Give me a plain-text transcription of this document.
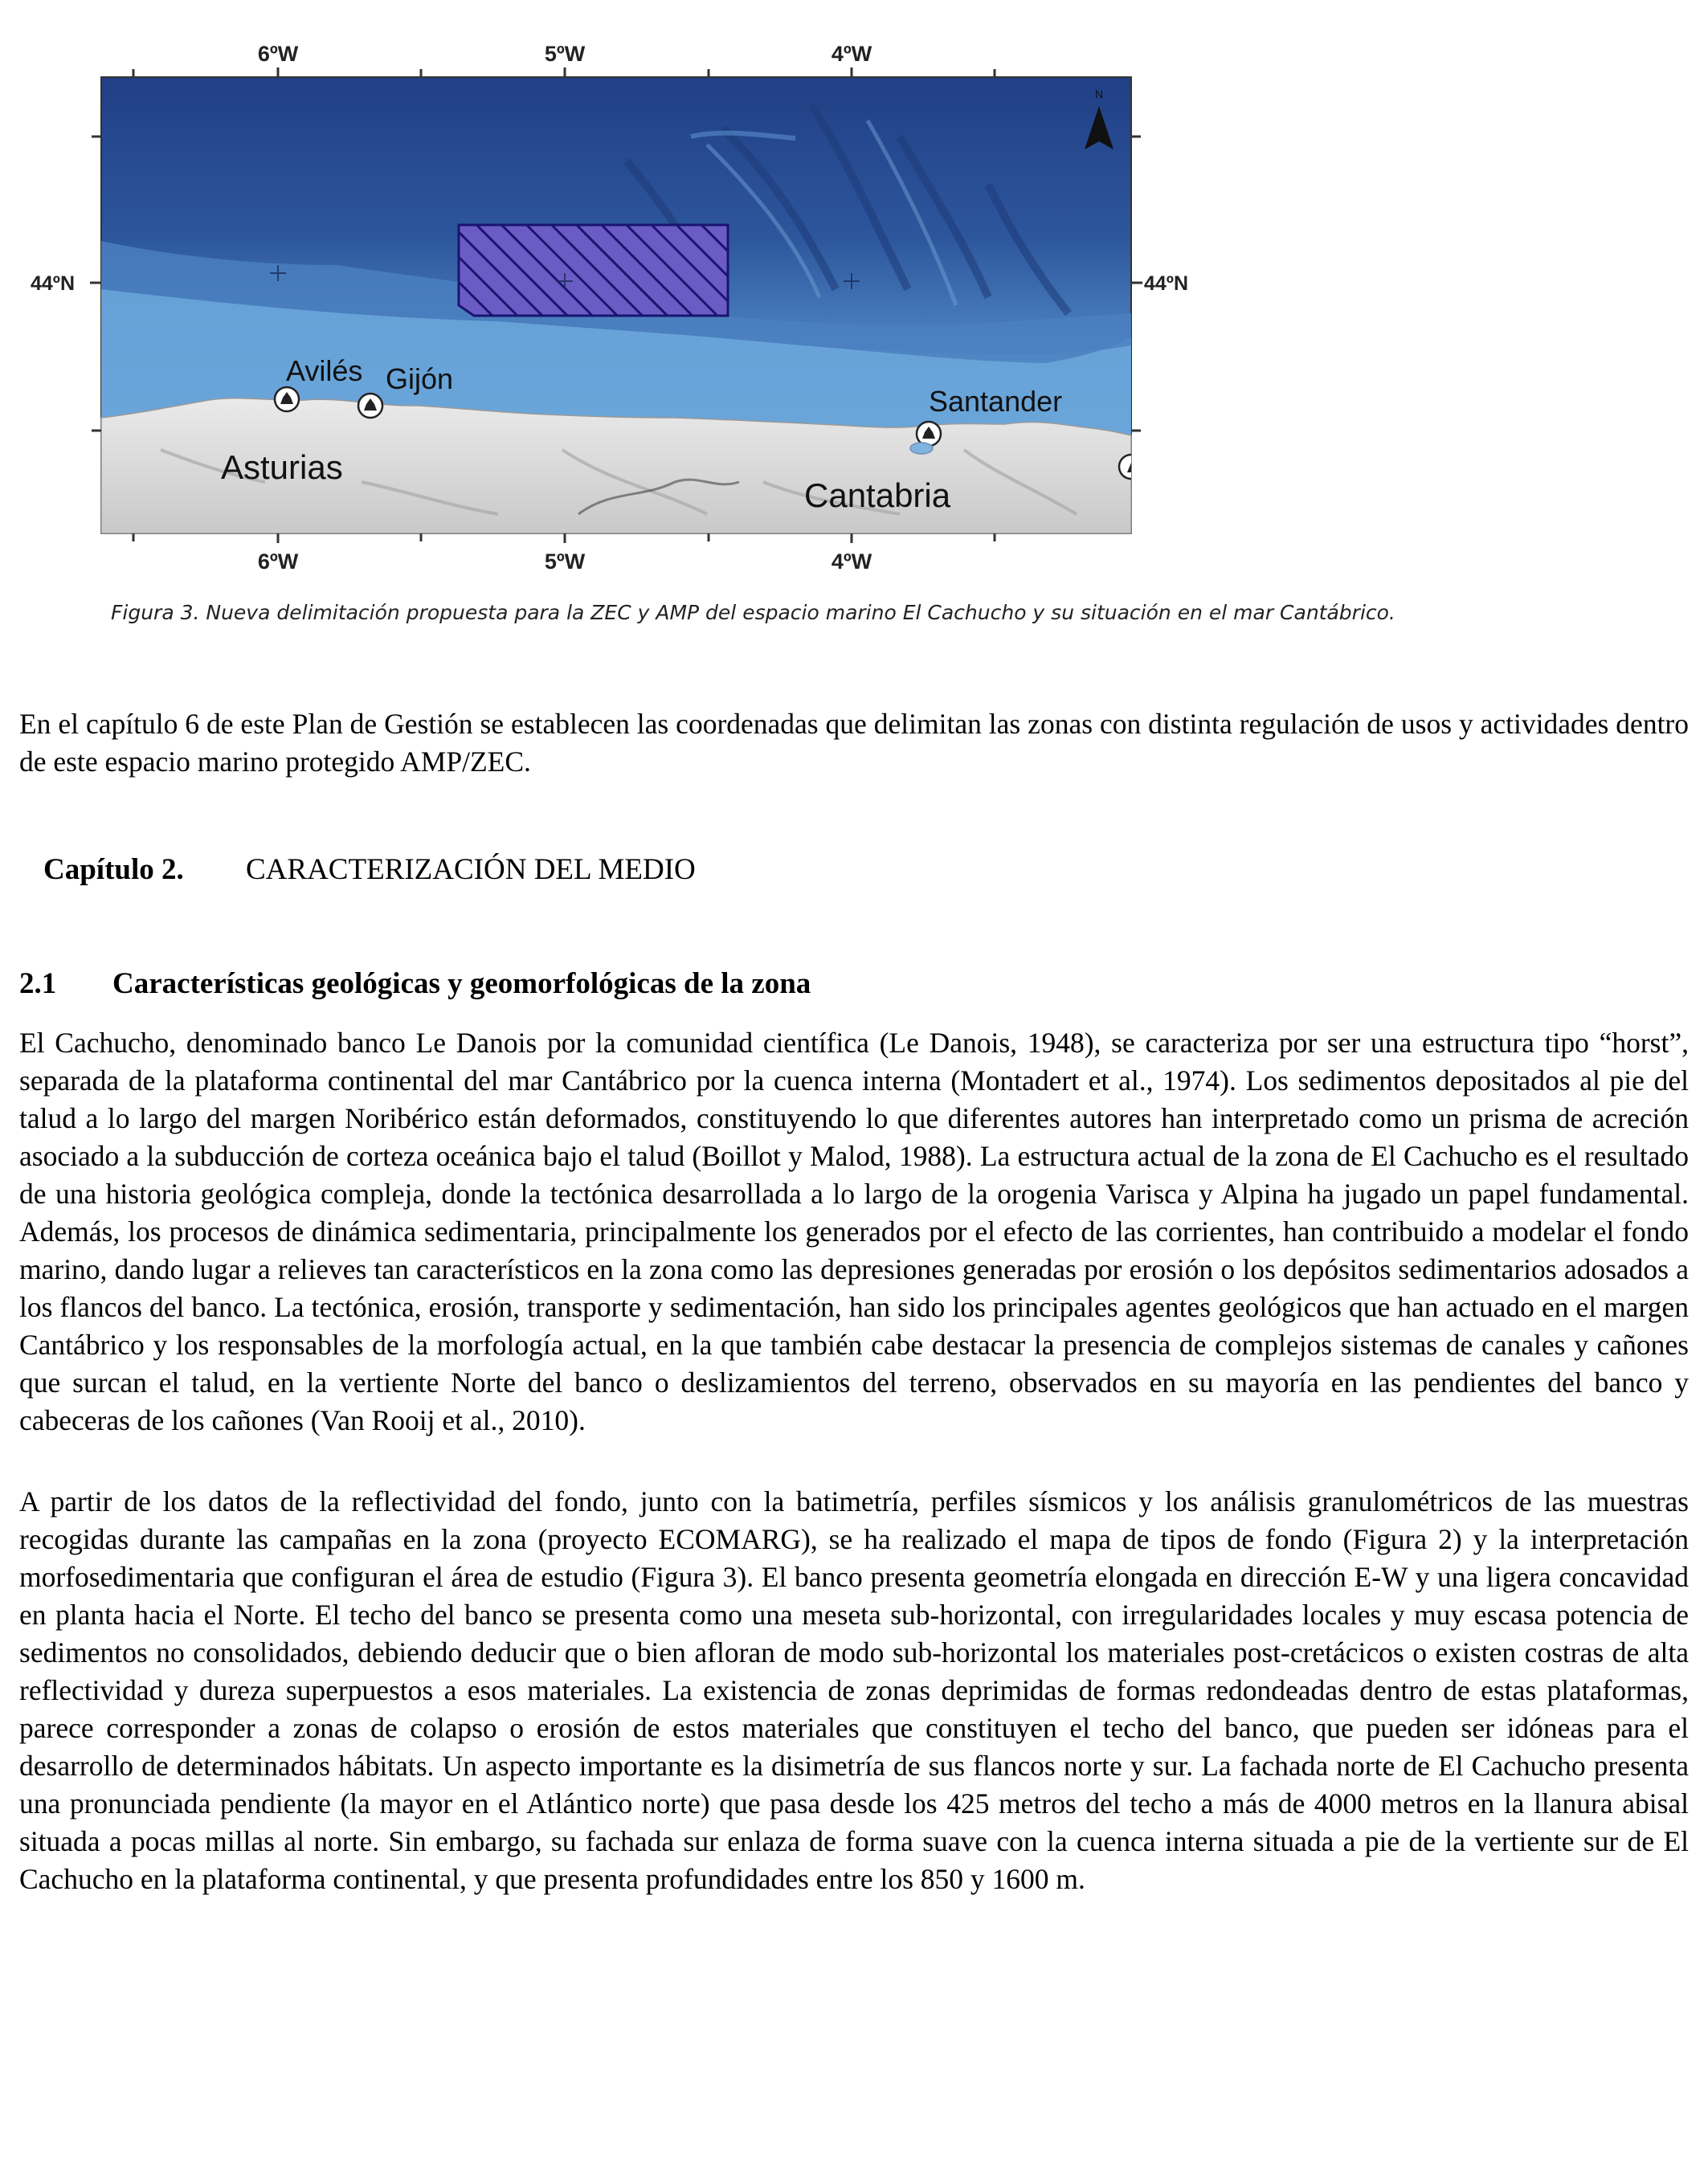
6ºW	5ºW	4ºW
6ºW	5ºW	4ºW
44ºN	44ºN
N
Avilés Gijón
Santander
Asturias
Cantabria
Figura 3. Nueva delimitación propuesta para la ZEC y AMP del espacio marino El Cachucho y su situación en el mar Cantábrico.

En el capítulo 6 de este Plan de Gestión se establecen las coordenadas que delimitan las zonas con distinta regulación de usos y actividades dentro de este espacio marino protegido AMP/ZEC.

Capítulo 2. CARACTERIZACIÓN DEL MEDIO
2.1 Características geológicas y geomorfológicas de la zona

El Cachucho, denominado banco Le Danois por la comunidad científica (Le Danois, 1948), se caracteriza por ser una estructura tipo “horst”, separada de la plataforma continental del mar Cantábrico por la cuenca interna (Montadert et al., 1974). Los sedimentos depositados al pie del talud a lo largo del margen Noribérico están deformados, constituyendo lo que diferentes autores han interpretado como un prisma de acreción asociado a la subducción de corteza oceánica bajo el talud (Boillot y Malod, 1988). La estructura actual de la zona de El Cachucho es el resultado de una historia geológica compleja, donde la tectónica desarrollada a lo largo de la orogenia Varisca y Alpina ha jugado un papel fundamental. Además, los procesos de dinámica sedimentaria, principalmente los generados por el efecto de las corrientes, han contribuido a modelar el fondo marino, dando lugar a relieves tan característicos en la zona como las depresiones generadas por erosión o los depósitos sedimentarios adosados a los flancos del banco. La tectónica, erosión, transporte y sedimentación, han sido los principales agentes geológicos que han actuado en el margen Cantábrico y los responsables de la morfología actual, en la que también cabe destacar la presencia de complejos sistemas de canales y cañones que surcan el talud, en la vertiente Norte del banco o deslizamientos del terreno, observados en su mayoría en las pendientes del banco y cabeceras de los cañones (Van Rooij et al., 2010).

A partir de los datos de la reflectividad del fondo, junto con la batimetría, perfiles sísmicos y los análisis granulométricos de las muestras recogidas durante las campañas en la zona (proyecto ECOMARG), se ha realizado el mapa de tipos de fondo (Figura 2) y la interpretación morfosedimentaria que configuran el área de estudio (Figura 3). El banco presenta geometría elongada en dirección E-W y una ligera concavidad en planta hacia el Norte. El techo del banco se presenta como una meseta sub-horizontal, con irregularidades locales y muy escasa potencia de sedimentos no consolidados, debiendo deducir que o bien afloran de modo sub-horizontal los materiales post-cretácicos o existen costras de alta reflectividad y dureza superpuestos a esos materiales. La existencia de zonas deprimidas de formas redondeadas dentro de estas plataformas, parece corresponder a zonas de colapso o erosión de estos materiales que constituyen el techo del banco, que pueden ser idóneas para el desarrollo de determinados hábitats. Un aspecto importante es la disimetría de sus flancos norte y sur. La fachada norte de El Cachucho presenta una pronunciada pendiente (la mayor en el Atlántico norte) que pasa desde los 425 metros del techo a más de 4000 metros en la llanura abisal situada a pocas millas al norte. Sin embargo, su fachada sur enlaza de forma suave con la cuenca interna situada a pie de la vertiente sur de El Cachucho en la plataforma continental, y que presenta profundidades entre los 850 y 1600 m.
